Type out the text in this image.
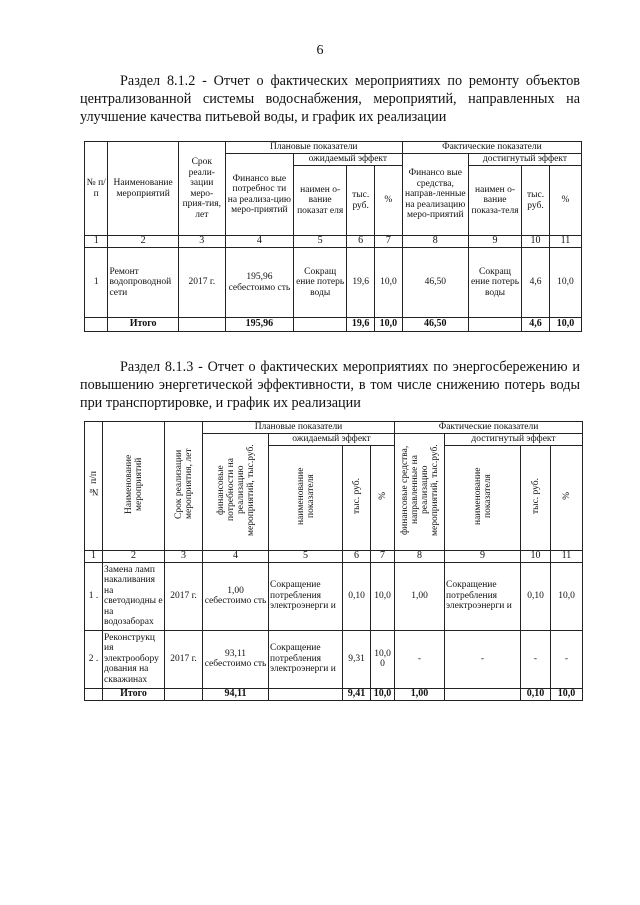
6
Раздел 8.1.2 - Отчет о фактических мероприятиях по ремонту объектов централизованной системы водоснабжения, мероприятий, направленных на улучшение качества питьевой воды, и график их реализации
№ п/ п	Наименование мероприятий	Срок реали-зации меро-прия-тия, лет	Плановые показатели				Фактические показатели			
			Финансо вые потребнос ти на реализа-цию меро-приятий	ожидаемый эффект			Финансо вые средства, направ-ленные на реализацию меро-приятий	достигнутый эффект		
				наимен о-вание показат еля	тыс. руб.	%		наимен о-вание показа-теля	тыс. руб.	%
1	2	3	4	5	6	7	8	9	10	11
1	Ремонт водопроводной сети	2017 г.	195,96 себестоимо сть	Сокращ ение потерь воды	19,6	10,0	46,50	Сокращ ение потерь воды	4,6	10,0
	Итого		195,96		19,6	10,0	46,50		4,6	10,0
Раздел 8.1.3 - Отчет о фактических мероприятиях по энергосбережению и повышению энергетической эффективности, в том числе снижению потерь воды при транспортировке, и график их реализации
№ п/п	Наименование мероприятий	Срок реализации мероприятия, лет	Плановые показатели				Фактические показатели			
			финансовые потребности на реализацию мероприятий, тыс.руб.	ожидаемый эффект			финансовые средства, направленные на реализацию мероприятий, тыс.руб.	достигнутый эффект		
				наименование показателя	тыс. руб.	%		наименование показателя	тыс. руб.	%
1	2	3	4	5	6	7	8	9	10	11
1 .	Замена ламп накаливания на светодиодны е на водозаборах	2017 г.	1,00 себестоимо сть	Сокращение потребления электроэнерги и	0,10	10,0	1,00	Сокращение потребления электроэнерги и	0,10	10,0
2 .	Реконструкц ия электрообору дования на скважинах	2017 г.	93,11 себестоимо сть	Сокращение потребления электроэнерги и	9,31	10,0 0	-	-	-	-
	Итого		94,11		9,41	10,0	1,00		0,10	10,0
